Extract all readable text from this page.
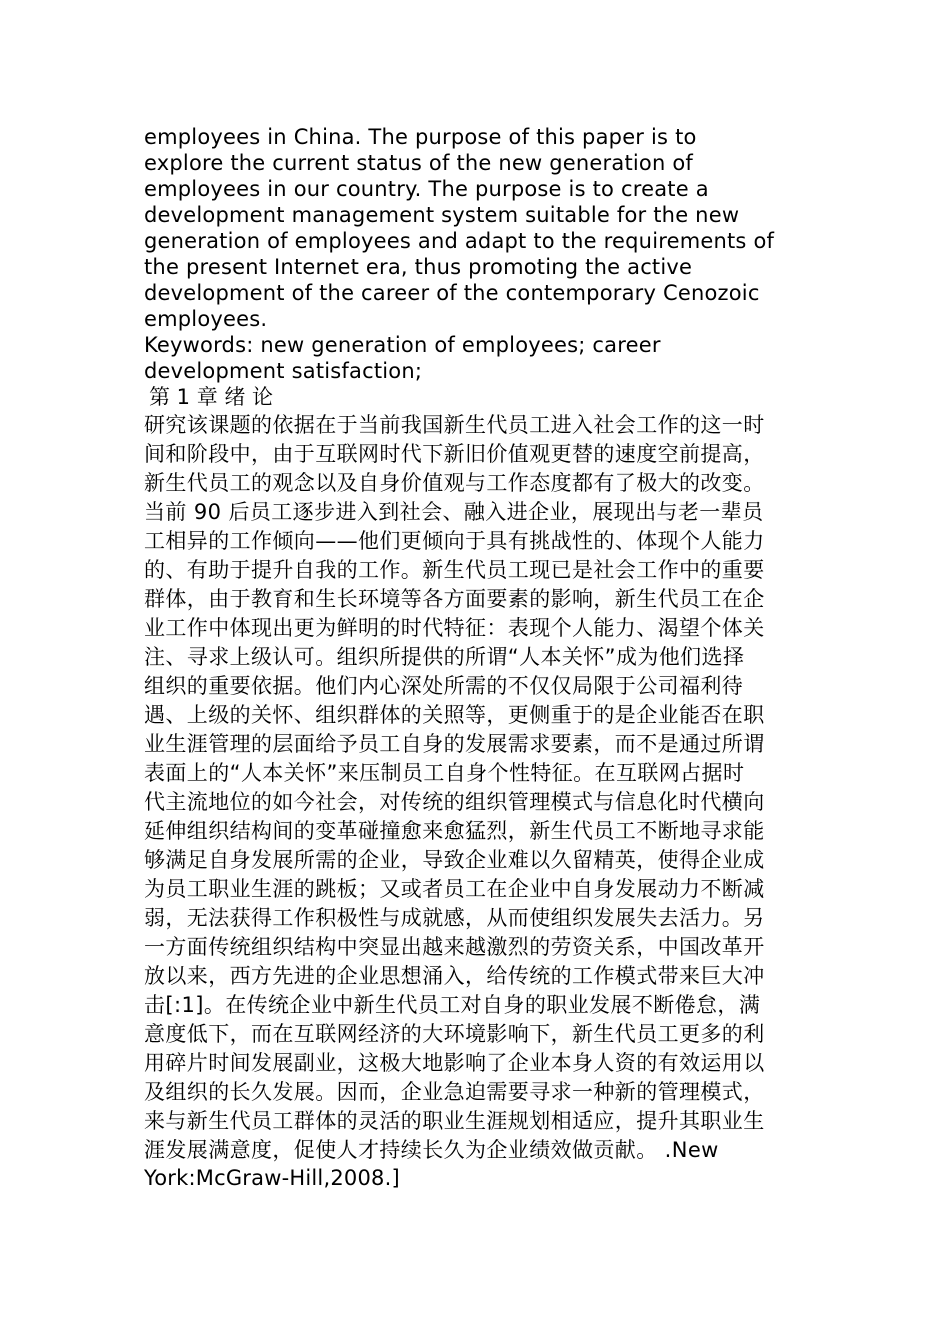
employees in China. The purpose of this paper is to
explore the current status of the new generation of
employees in our country. The purpose is to create a
development management system suitable for the new
generation of employees and adapt to the requirements of
the present Internet era, thus promoting the active
development of the career of the contemporary Cenozoic
employees.
Keywords: new generation of employees; career
development satisfaction;
第 1 章 绪 论
研究该课题的依据在于当前我国新生代员工进入社会工作的这一时
间和阶段中，由于互联网时代下新旧价值观更替的速度空前提高，
新生代员工的观念以及自身价值观与工作态度都有了极大的改变。
当前 90 后员工逐步进入到社会、融入进企业，展现出与老一辈员
工相异的工作倾向——他们更倾向于具有挑战性的、体现个人能力
的、有助于提升自我的工作。新生代员工现已是社会工作中的重要
群体，由于教育和生长环境等各方面要素的影响，新生代员工在企
业工作中体现出更为鲜明的时代特征：表现个人能力、渴望个体关
注、寻求上级认可。组织所提供的所谓“人本关怀”成为他们选择
组织的重要依据。他们内心深处所需的不仅仅局限于公司福利待
遇、上级的关怀、组织群体的关照等，更侧重于的是企业能否在职
业生涯管理的层面给予员工自身的发展需求要素，而不是通过所谓
表面上的“人本关怀”来压制员工自身个性特征。在互联网占据时
代主流地位的如今社会，对传统的组织管理模式与信息化时代横向
延伸组织结构间的变革碰撞愈来愈猛烈，新生代员工不断地寻求能
够满足自身发展所需的企业，导致企业难以久留精英，使得企业成
为员工职业生涯的跳板；又或者员工在企业中自身发展动力不断减
弱，无法获得工作积极性与成就感，从而使组织发展失去活力。另
一方面传统组织结构中突显出越来越激烈的劳资关系，中国改革开
放以来，西方先进的企业思想涌入，给传统的工作模式带来巨大冲
击[:1]。在传统企业中新生代员工对自身的职业发展不断倦怠，满
意度低下，而在互联网经济的大环境影响下，新生代员工更多的利
用碎片时间发展副业，这极大地影响了企业本身人资的有效运用以
及组织的长久发展。因而，企业急迫需要寻求一种新的管理模式，
来与新生代员工群体的灵活的职业生涯规划相适应，提升其职业生
涯发展满意度，促使人才持续长久为企业绩效做贡献。 .New
York:McGraw-Hill,2008.]
